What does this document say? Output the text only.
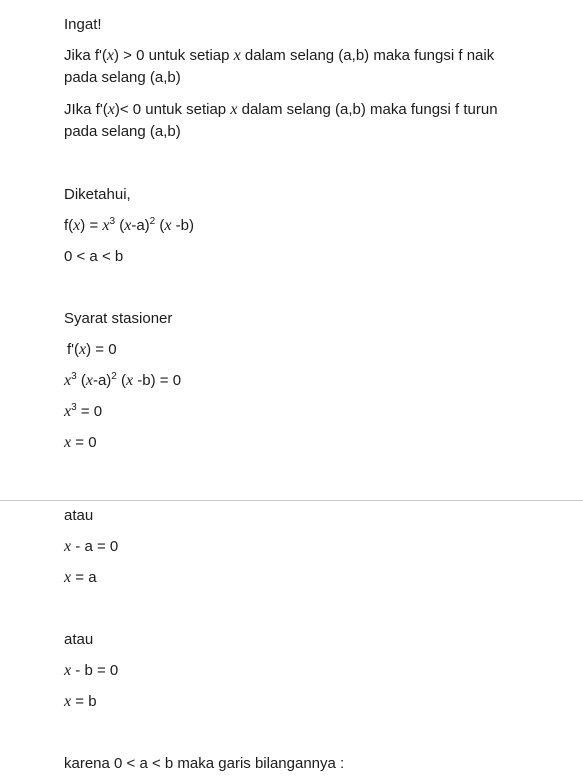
Ingat!
Jika f'(x) > 0 untuk setiap x dalam selang (a,b) maka fungsi f naik
pada selang (a,b)
JIka f'(x)< 0 untuk setiap x dalam selang (a,b) maka fungsi f turun
pada selang (a,b)
Diketahui,
$f(x) = x^3$ $(x-a)^2$ (x -b)
0 < a < b
Syarat stasioner
f'(x) = 0
$x^3$ $(x-a)^2$ (x -b) = 0
$x^3 = 0$
x = 0
atau
x - a = 0
x = a
atau
x - b = 0
x = b
karena 0 < a < b maka garis bilangannya :
